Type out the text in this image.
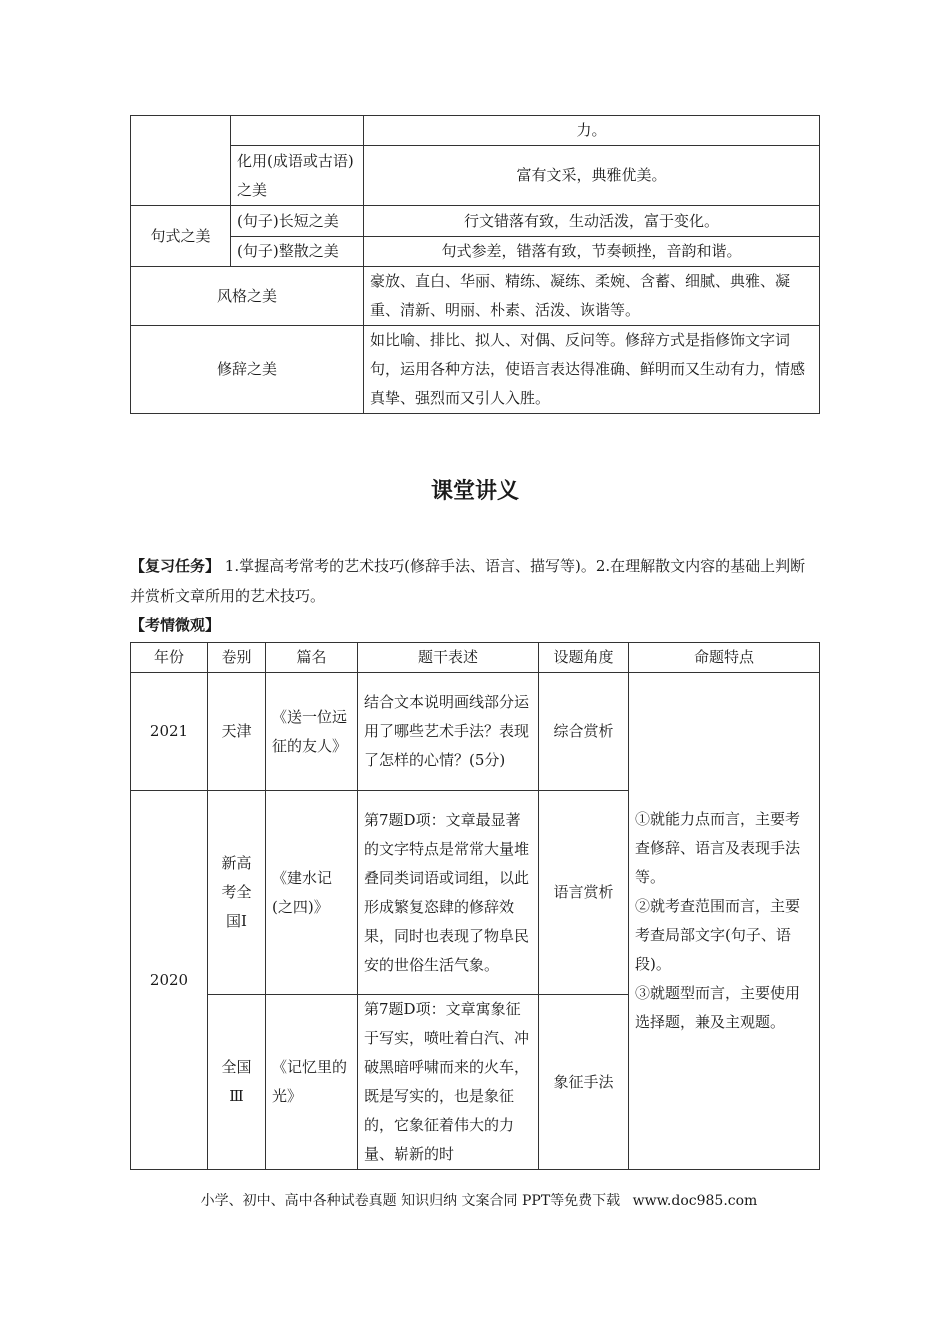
		力。
	化用(成语或古语)之美	富有文采，典雅优美。
句式之美	(句子)长短之美	行文错落有致，生动活泼，富于变化。
	(句子)整散之美	句式参差，错落有致，节奏顿挫，音韵和谐。
风格之美		豪放、直白、华丽、精练、凝练、柔婉、含蓄、细腻、典雅、凝重、清新、明丽、朴素、活泼、诙谐等。
修辞之美		如比喻、排比、拟人、对偶、反问等。修辞方式是指修饰文字词句，运用各种方法，使语言表达得准确、鲜明而又生动有力，情感真挚、强烈而又引人入胜。
课堂讲义
【复习任务】 1.掌握高考常考的艺术技巧(修辞手法、语言、描写等)。2.在理解散文内容的基础上判断并赏析文章所用的艺术技巧。
【考情微观】
年份	卷别	篇名	题干表述	设题角度	命题特点
2021	天津	《送一位远征的友人》	结合文本说明画线部分运用了哪些艺术手法？表现了怎样的心情？(5分)	综合赏析	①就能力点而言，主要考查修辞、语言及表现手法等。
②就考查范围而言，主要考查局部文字(句子、语段)。
③就题型而言，主要使用选择题，兼及主观题。

2020	新高考全国Ⅰ	《建水记(之四)》	第7题D项：文章最显著的文字特点是常常大量堆叠同类词语或词组，以此形成繁复恣肆的修辞效果，同时也表现了物阜民安的世俗生活气象。	语言赏析	
	全国Ⅲ	《记忆里的光》	第7题D项：文章寓象征于写实，喷吐着白汽、冲破黑暗呼啸而来的火车，既是写实的，也是象征的，它象征着伟大的力量、崭新的时	象征手法	
小学、初中、高中各种试卷真题 知识归纳 文案合同 PPT等免费下载 www.doc985.com
